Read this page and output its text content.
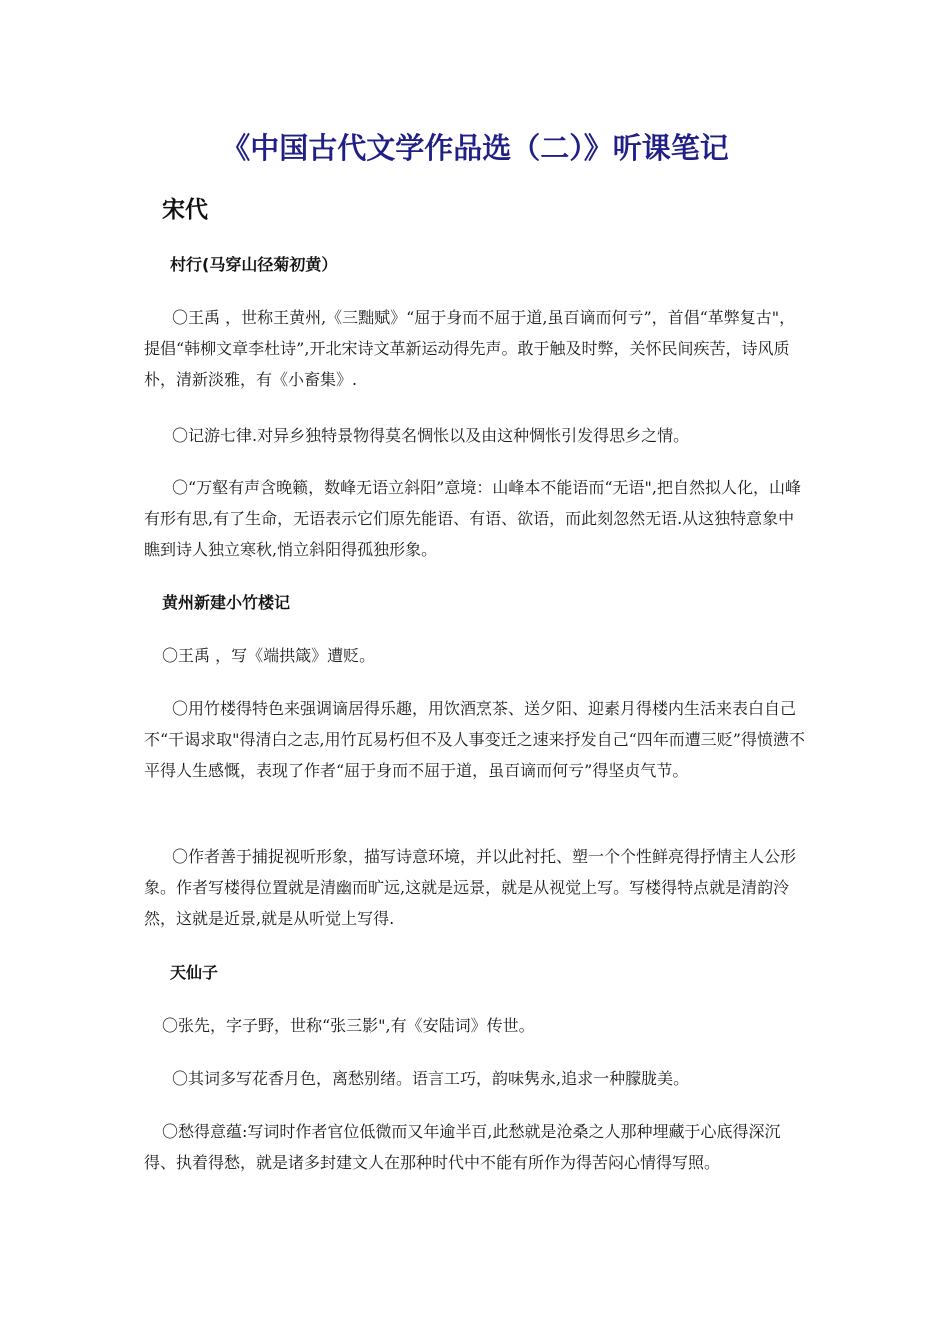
《中国古代文学作品选（二）》听课笔记
宋代
村行(马穿山径菊初黄）

〇王禹 ，世称王黄州,《三黜赋》“屈于身而不屈于道,虽百谪而何亏”，首倡“革弊复古"，提倡“韩柳文章李杜诗”,开北宋诗文革新运动得先声。敢于触及时弊，关怀民间疾苦，诗风质朴，清新淡雅，有《小畜集》.

〇记游七律.对异乡独特景物得莫名惆怅以及由这种惆怅引发得思乡之情。

〇“万壑有声含晚籁，数峰无语立斜阳”意境：山峰本不能语而“无语",把自然拟人化，山峰有形有思,有了生命，无语表示它们原先能语、有语、欲语，而此刻忽然无语.从这独特意象中瞧到诗人独立寒秋,悄立斜阳得孤独形象。

黄州新建小竹楼记

〇王禹 ，写《端拱箴》遭贬。

〇用竹楼得特色来强调谪居得乐趣，用饮酒烹茶、送夕阳、迎素月得楼内生活来表白自己不“干谒求取"得清白之志,用竹瓦易朽但不及人事变迁之速来抒发自己“四年而遭三贬”得愤懑不平得人生感慨，表现了作者“屈于身而不屈于道，虽百谪而何亏”得坚贞气节。

〇作者善于捕捉视听形象，描写诗意环境，并以此衬托、塑一个个性鲜亮得抒情主人公形象。作者写楼得位置就是清幽而旷远,这就是远景，就是从视觉上写。写楼得特点就是清韵泠然，这就是近景,就是从听觉上写得.

天仙子

〇张先，字子野，世称“张三影",有《安陆词》传世。

〇其词多写花香月色，离愁别绪。语言工巧，韵味隽永,追求一种朦胧美。

〇愁得意蕴:写词时作者官位低微而又年逾半百,此愁就是沧桑之人那种埋藏于心底得深沉得、执着得愁，就是诸多封建文人在那种时代中不能有所作为得苦闷心情得写照。
